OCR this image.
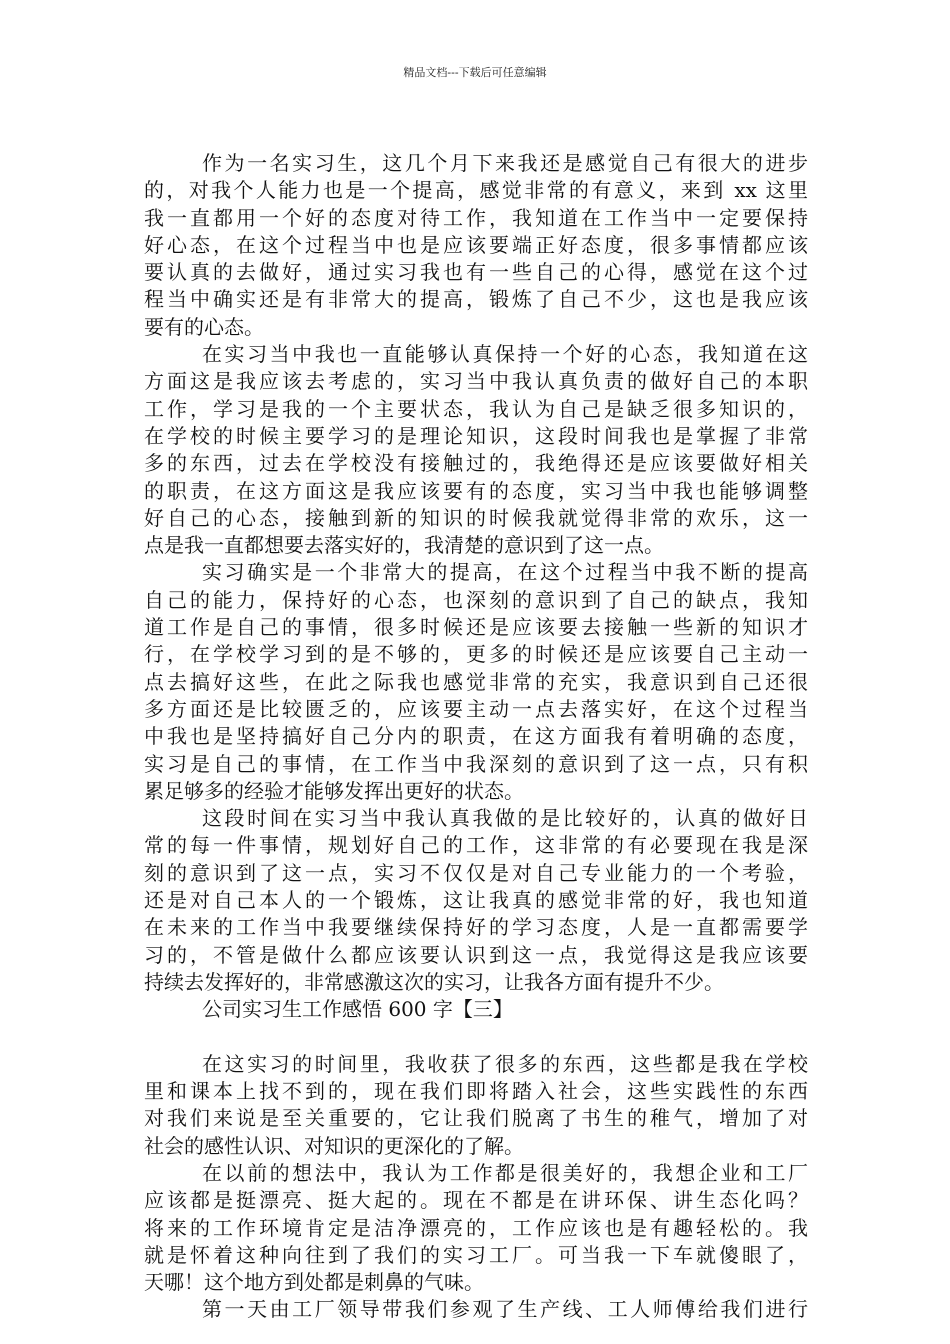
精品文档---下载后可任意编辑
作为一名实习生，这几个月下来我还是感觉自己有很大的进步
的，对我个人能力也是一个提高，感觉非常的有意义，来到 xx 这里
我一直都用一个好的态度对待工作，我知道在工作当中一定要保持
好心态，在这个过程当中也是应该要端正好态度，很多事情都应该
要认真的去做好，通过实习我也有一些自己的心得，感觉在这个过
程当中确实还是有非常大的提高，锻炼了自己不少，这也是我应该
要有的心态。
在实习当中我也一直能够认真保持一个好的心态，我知道在这
方面这是我应该去考虑的，实习当中我认真负责的做好自己的本职
工作，学习是我的一个主要状态，我认为自己是缺乏很多知识的，
在学校的时候主要学习的是理论知识，这段时间我也是掌握了非常
多的东西，过去在学校没有接触过的，我绝得还是应该要做好相关
的职责，在这方面这是我应该要有的态度，实习当中我也能够调整
好自己的心态，接触到新的知识的时候我就觉得非常的欢乐，这一
点是我一直都想要去落实好的，我清楚的意识到了这一点。
实习确实是一个非常大的提高，在这个过程当中我不断的提高
自己的能力，保持好的心态，也深刻的意识到了自己的缺点，我知
道工作是自己的事情，很多时候还是应该要去接触一些新的知识才
行，在学校学习到的是不够的，更多的时候还是应该要自己主动一
点去搞好这些，在此之际我也感觉非常的充实，我意识到自己还很
多方面还是比较匮乏的，应该要主动一点去落实好，在这个过程当
中我也是坚持搞好自己分内的职责，在这方面我有着明确的态度，
实习是自己的事情，在工作当中我深刻的意识到了这一点，只有积
累足够多的经验才能够发挥出更好的状态。
这段时间在实习当中我认真我做的是比较好的，认真的做好日
常的每一件事情，规划好自己的工作，这非常的有必要现在我是深
刻的意识到了这一点，实习不仅仅是对自己专业能力的一个考验，
还是对自己本人的一个锻炼，这让我真的感觉非常的好，我也知道
在未来的工作当中我要继续保持好的学习态度，人是一直都需要学
习的，不管是做什么都应该要认识到这一点，我觉得这是我应该要
持续去发挥好的，非常感激这次的实习，让我各方面有提升不少。
公司实习生工作感悟 600 字【三】
在这实习的时间里，我收获了很多的东西，这些都是我在学校
里和课本上找不到的，现在我们即将踏入社会，这些实践性的东西
对我们来说是至关重要的，它让我们脱离了书生的稚气，增加了对
社会的感性认识、对知识的更深化的了解。
在以前的想法中，我认为工作都是很美好的，我想企业和工厂
应该都是挺漂亮、挺大起的。现在不都是在讲环保、讲生态化吗？
将来的工作环境肯定是洁净漂亮的，工作应该也是有趣轻松的。我
就是怀着这种向往到了我们的实习工厂。可当我一下车就傻眼了，
天哪！这个地方到处都是刺鼻的气味。
第一天由工厂领导带我们参观了生产线、工人师傅给我们进行
